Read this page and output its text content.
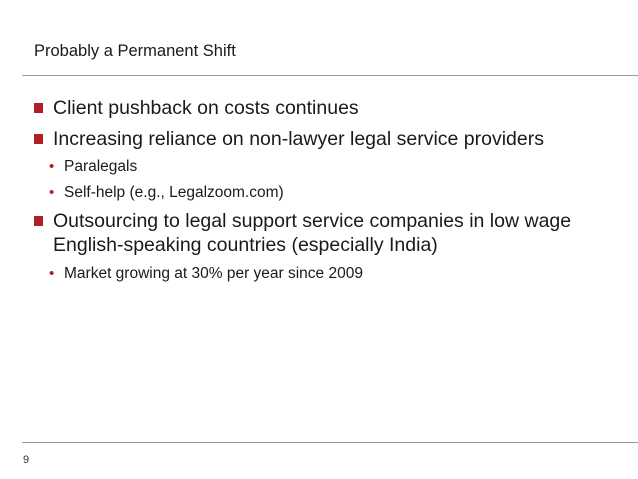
Probably a Permanent Shift
Client pushback on costs continues
Increasing reliance on non-lawyer legal service providers
• Paralegals
• Self-help (e.g., Legalzoom.com)
Outsourcing to legal support service companies in low wage English-speaking countries (especially India)
• Market growing at 30% per year since 2009
9
